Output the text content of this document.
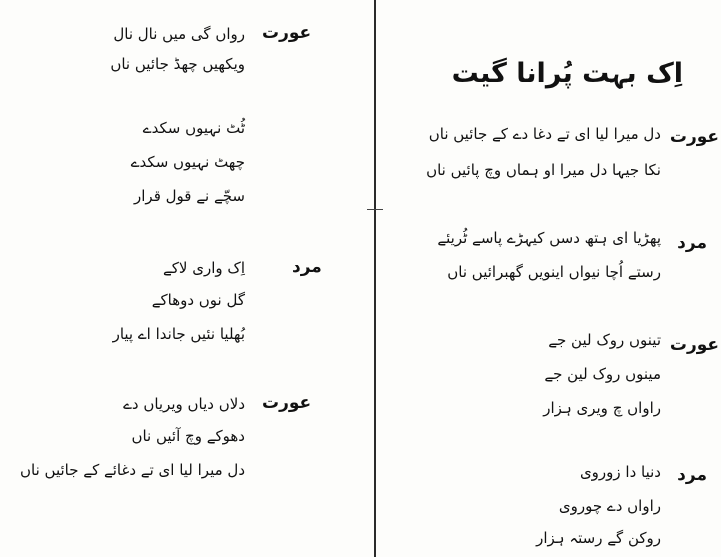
عورت
رواں گی میں نال نال
ویکھیں چھڈ جائیں ناں
ٹُٹ نہیوں سکدے
چھٹ نہیوں سکدے
سچّے نے قول قرار
مرد
اِک واری لاکے
گل نوں دوھاکے
بُھلیا نئیں جاندا اے پیار
عورت
دلاں دیاں ویریاں دے
دھوکے وچ آئیں ناں
دل میرا لیا ای تے دغائے کے جائیں ناں
اِک بہت پُرانا گیت
عورت
دل میرا لیا ای تے دغا دے کے جائیں ناں
نکا جیہا دل میرا او ہماں وچ پائیں ناں
مرد
پھڑیا ای ہتھ دسں کیہڑے پاسے ٹُریئے
رستے اُچا نیواں اینویں گھبرائیں ناں
عورت
تینوں روک لین جے
مینوں روک لین جے
راواں چ ویری ہزار
مرد
دنیا دا زوروی
راواں دے چوروی
روکن گے رستہ ہزار
